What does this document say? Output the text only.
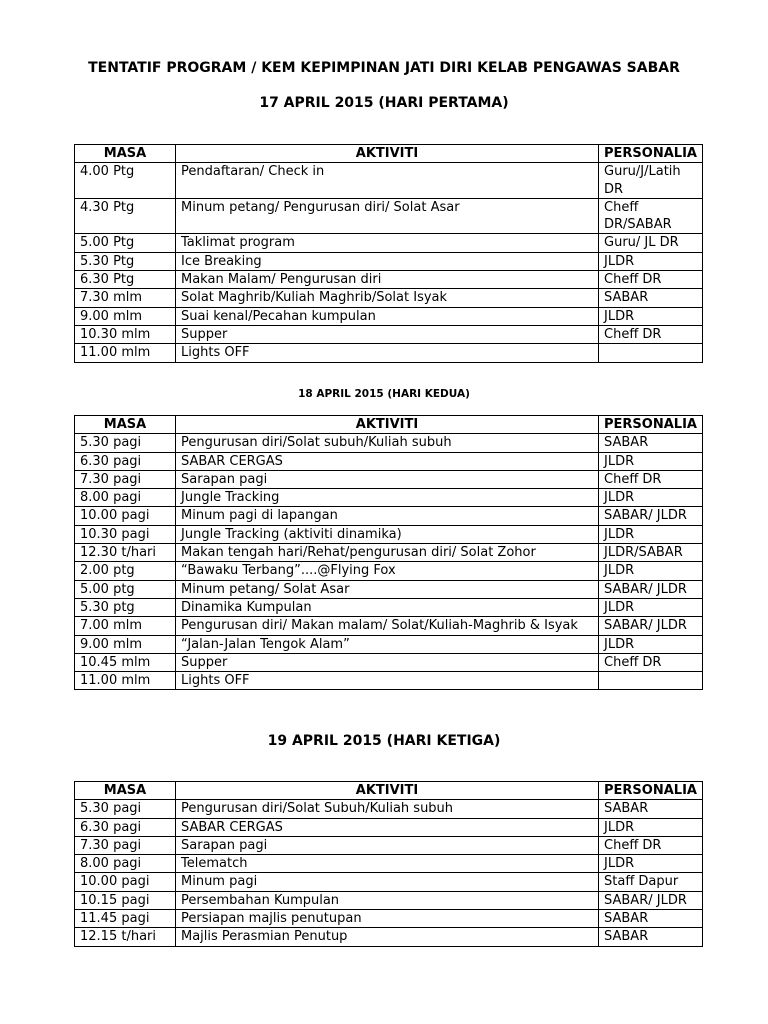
TENTATIF PROGRAM / KEM KEPIMPINAN JATI DIRI KELAB PENGAWAS SABAR
17 APRIL 2015 (HARI PERTAMA)
MASA	AKTIVITI	PERSONALIA
4.00 Ptg	Pendaftaran/ Check in	Guru/J/Latih DR
4.30 Ptg	Minum petang/ Pengurusan diri/ Solat Asar	Cheff DR/SABAR
5.00 Ptg	Taklimat program	Guru/ JL DR
5.30 Ptg	Ice Breaking	JLDR
6.30 Ptg	Makan Malam/ Pengurusan diri	Cheff DR
7.30 mlm	Solat Maghrib/Kuliah Maghrib/Solat Isyak	SABAR
9.00 mlm	Suai kenal/Pecahan kumpulan	JLDR
10.30 mlm	Supper	Cheff DR
11.00 mlm	Lights OFF	
18 APRIL 2015 (HARI KEDUA)
MASA	AKTIVITI	PERSONALIA
5.30 pagi	Pengurusan diri/Solat subuh/Kuliah subuh	SABAR
6.30 pagi	SABAR CERGAS	JLDR
7.30 pagi	Sarapan pagi	Cheff DR
8.00 pagi	Jungle Tracking	JLDR
10.00 pagi	Minum pagi di lapangan	SABAR/ JLDR
10.30 pagi	Jungle Tracking (aktiviti dinamika)	JLDR
12.30 t/hari	Makan tengah hari/Rehat/pengurusan diri/ Solat Zohor	JLDR/SABAR
2.00 ptg	“Bawaku Terbang”....@Flying Fox	JLDR
5.00 ptg	Minum petang/ Solat Asar	SABAR/ JLDR
5.30 ptg	Dinamika Kumpulan	JLDR
7.00 mlm	Pengurusan diri/ Makan malam/ Solat/Kuliah-Maghrib & Isyak	SABAR/ JLDR
9.00 mlm	“Jalan-Jalan Tengok Alam”	JLDR
10.45 mlm	Supper	Cheff DR
11.00 mlm	Lights OFF	
19 APRIL 2015 (HARI KETIGA)
MASA	AKTIVITI	PERSONALIA
5.30 pagi	Pengurusan diri/Solat Subuh/Kuliah subuh	SABAR
6.30 pagi	SABAR CERGAS	JLDR
7.30 pagi	Sarapan pagi	Cheff DR
8.00 pagi	Telematch	JLDR
10.00 pagi	Minum pagi	Staff Dapur
10.15 pagi	Persembahan Kumpulan	SABAR/ JLDR
11.45 pagi	Persiapan majlis penutupan	SABAR
12.15 t/hari	Majlis Perasmian Penutup	SABAR
